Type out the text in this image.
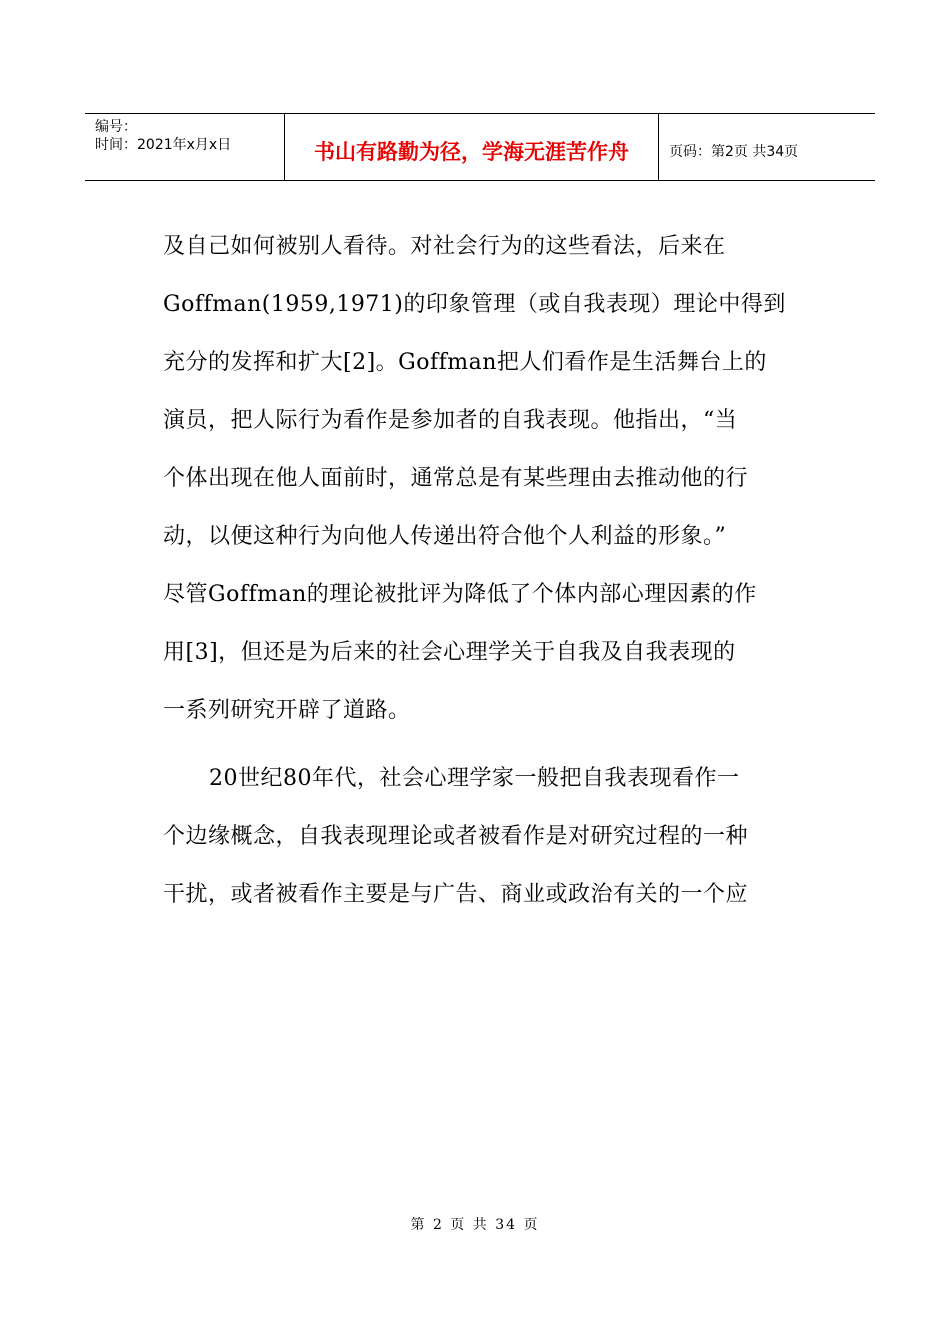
编号：
时间：2021年x月x日	书山有路勤为径，学海无涯苦作舟	页码：第2页 共34页
及自己如何被别人看待。对社会行为的这些看法，后来在
Goffman(1959,1971)的印象管理（或自我表现）理论中得到
充分的发挥和扩大[2]。Goffman把人们看作是生活舞台上的
演员，把人际行为看作是参加者的自我表现。他指出，“当
个体出现在他人面前时，通常总是有某些理由去推动他的行
动，以便这种行为向他人传递出符合他个人利益的形象。”
尽管Goffman的理论被批评为降低了个体内部心理因素的作
用[3]，但还是为后来的社会心理学关于自我及自我表现的
一系列研究开辟了道路。
20世纪80年代，社会心理学家一般把自我表现看作一
个边缘概念，自我表现理论或者被看作是对研究过程的一种
干扰，或者被看作主要是与广告、商业或政治有关的一个应
第 2 页 共 34 页
